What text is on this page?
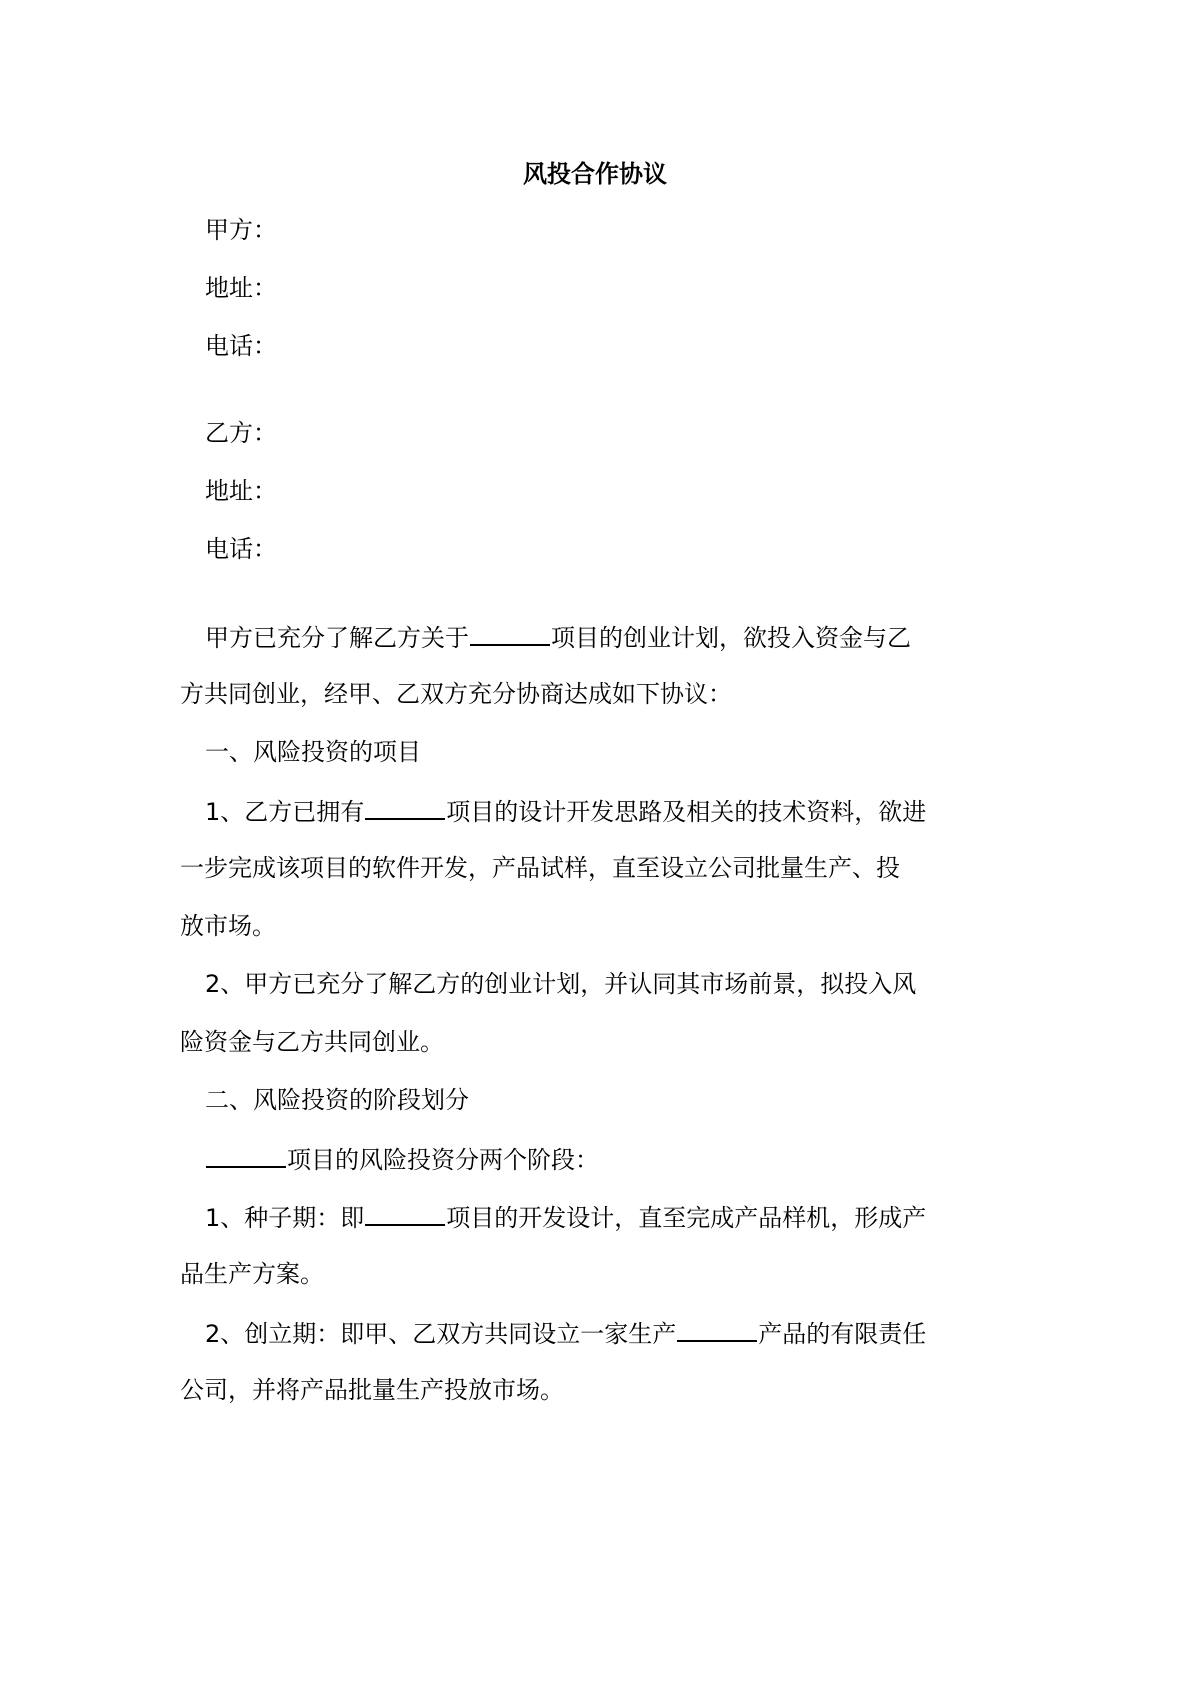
风投合作协议
甲方：
地址：
电话：
乙方：
地址：
电话：
甲方已充分了解乙方关于	项目的创业计划，欲投入资金与乙
方共同创业，经甲、乙双方充分协商达成如下协议：
一、风险投资的项目
1、乙方已拥有	项目的设计开发思路及相关的技术资料，欲进
一步完成该项目的软件开发，产品试样，直至设立公司批量生产、投
放市场。
2、甲方已充分了解乙方的创业计划，并认同其市场前景，拟投入风
险资金与乙方共同创业。
二、风险投资的阶段划分
项目的风险投资分两个阶段：
1、种子期：即	项目的开发设计，直至完成产品样机，形成产
品生产方案。
2、创立期：即甲、乙双方共同设立一家生产	产品的有限责任
公司，并将产品批量生产投放市场。
